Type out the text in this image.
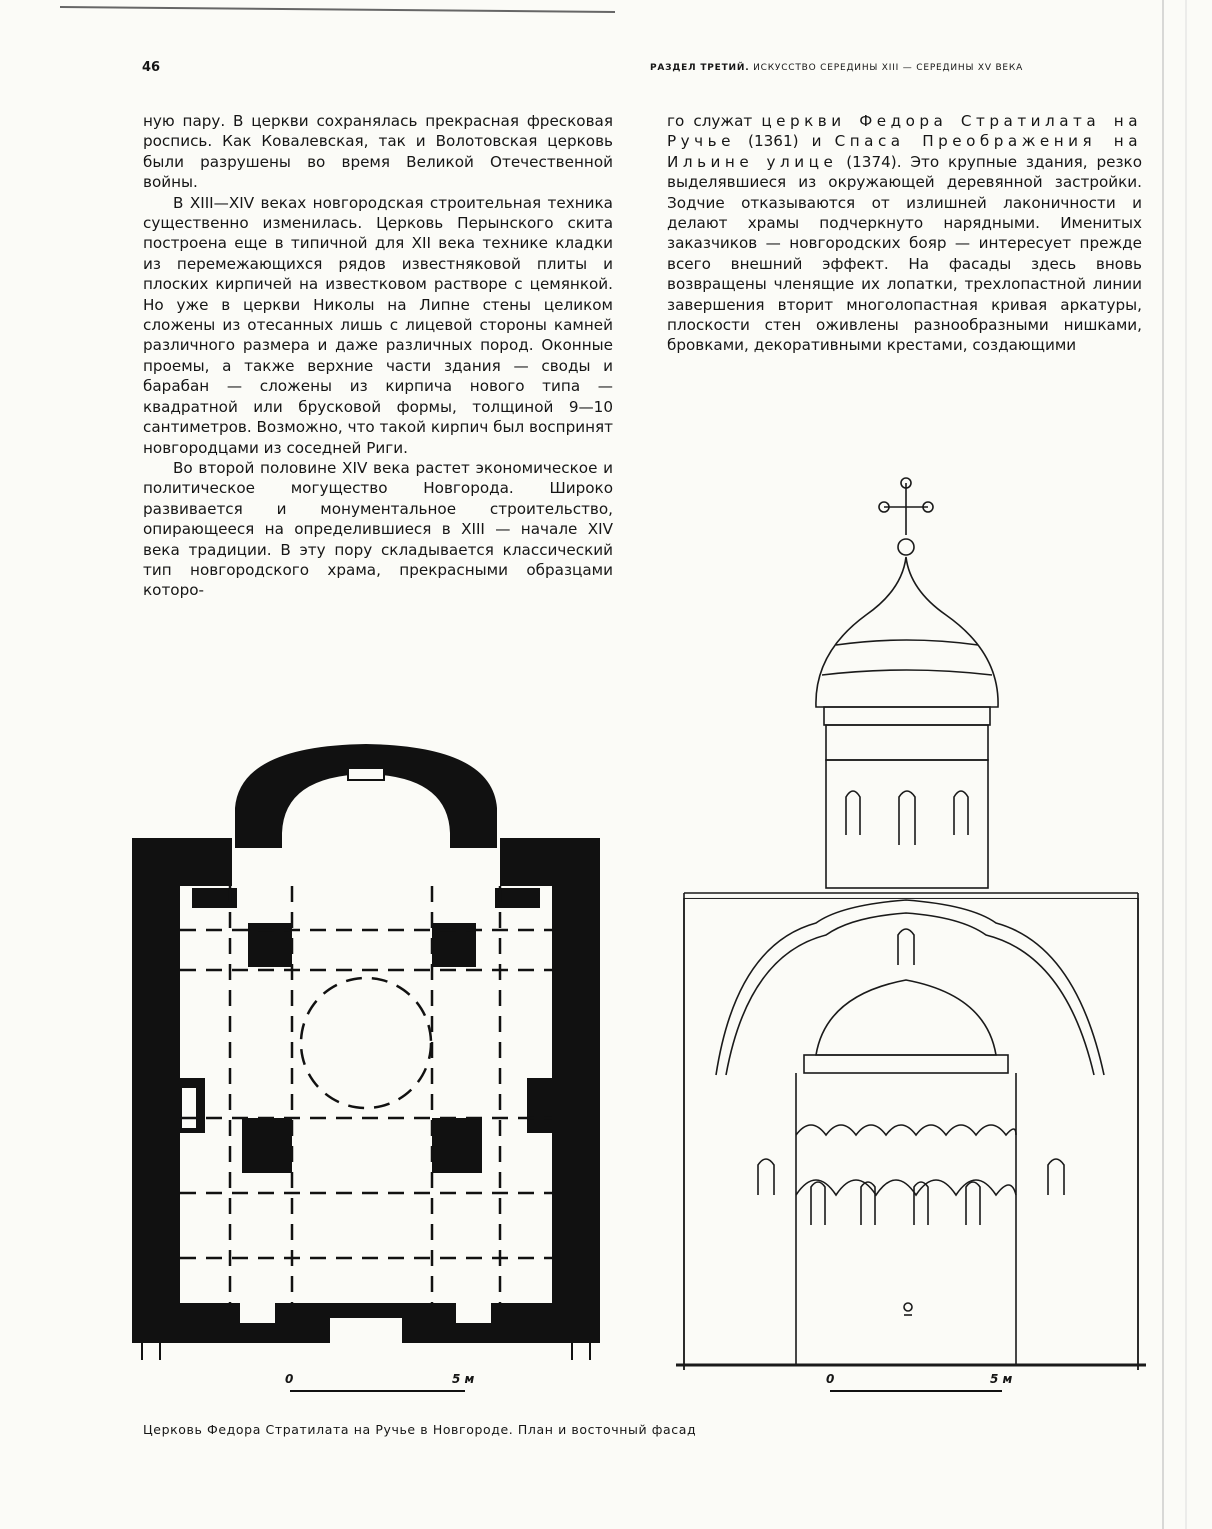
46	РАЗДЕЛ ТРЕТИЙ. ИСКУССТВО СЕРЕДИНЫ XIII — СЕРЕДИНЫ XV ВЕКА

ную пару. В церкви сохранялась прекрасная фресковая роспись. Как Ковалевская, так и Волотовская церковь были разрушены во время Великой Отечественной войны.

В XIII—XIV веках новгородская строительная техника существенно изменилась. Церковь Перынского скита построена еще в типичной для XII века технике кладки из перемежающихся рядов известняковой плиты и плоских кирпичей на известковом растворе с цемянкой. Но уже в церкви Николы на Липне стены целиком сложены из отесанных лишь с лицевой стороны камней различного размера и даже различных пород. Оконные проемы, а также верхние части здания — своды и барабан — сложены из кирпича нового типа — квадратной или брусковой формы, толщиной 9—10 сантиметров. Возможно, что такой кирпич был воспринят новгородцами из соседней Риги.

Во второй половине XIV века растет экономическое и политическое могущество Новгорода. Широко развивается и монументальное строительство, опирающееся на определившиеся в XIII — начале XIV века традиции. В эту пору складывается классический тип новгородского храма, прекрасными образцами которо-

го служат церкви Федора Стратилата на Ручье (1361) и Спаса Преображения на Ильине улице (1374). Это крупные здания, резко выделявшиеся из окружающей деревянной застройки. Зодчие отказываются от излишней лаконичности и делают храмы подчеркнуто нарядными. Именитых заказчиков — новгородских бояр — интересует прежде всего внешний эффект. На фасады здесь вновь возвращены членящие их лопатки, трехлопастной линии завершения вторит многолопастная кривая аркатуры, плоскости стен оживлены разнообразными нишками, бровками, декоративными крестами, создающими

0	5 м	0	5 м
Церковь Федора Стратилата на Ручье в Новгороде. План и восточный фасад
